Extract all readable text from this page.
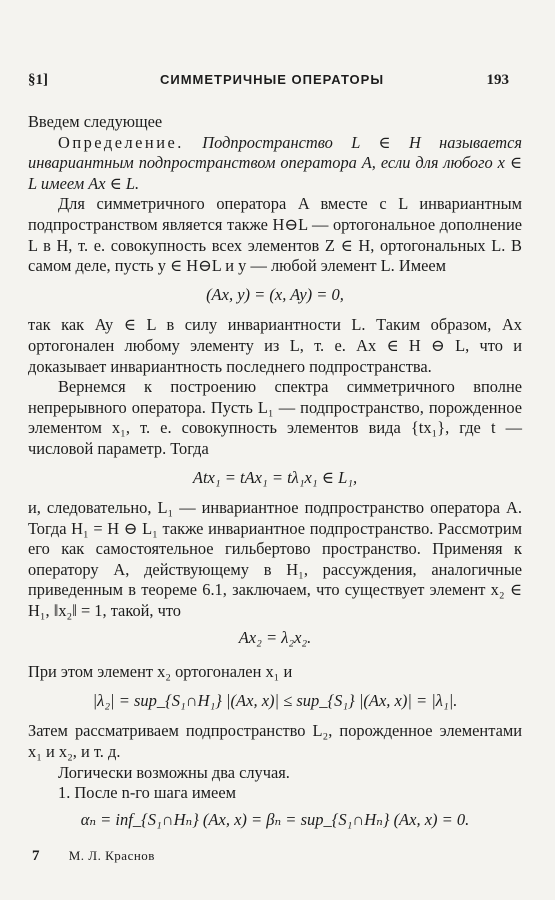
§1]	СИММЕТРИЧНЫЕ ОПЕРАТОРЫ	193

Введем следующее

Определение. Подпространство L ∈ H называется инвариантным подпространством оператора A, если для любого x ∈ L имеем Ax ∈ L.

Для симметричного оператора A вместе с L инвариантным подпространством является также H⊖L — ортогональное дополнение L в H, т. е. совокупность всех элементов Z ∈ H, ортогональных L. В самом деле, пусть y ∈ H⊖L и y — любой элемент L. Имеем

(Ax, y) = (x, Ay) = 0,

так как Ay ∈ L в силу инвариантности L. Таким образом, Ax ортогонален любому элементу из L, т. е. Ax ∈ H ⊖ L, что и доказывает инвариантность последнего подпространства.

Вернемся к построению спектра симметричного вполне непрерывного оператора. Пусть L₁ — подпространство, порожденное элементом x₁, т. е. совокупность элементов вида {tx₁}, где t — числовой параметр. Тогда

Atx₁ = tAx₁ = tλ₁x₁ ∈ L₁,

и, следовательно, L₁ — инвариантное подпространство оператора A. Тогда H₁ = H ⊖ L₁ также инвариантное подпространство. Рассмотрим его как самостоятельное гильбертово пространство. Применяя к оператору A, действующему в H₁, рассуждения, аналогичные приведенным в теореме 6.1, заключаем, что существует элемент x₂ ∈ H₁, ‖x₂‖ = 1, такой, что

Ax₂ = λ₂x₂.

При этом элемент x₂ ортогонален x₁ и

|λ₂| = sup_{S₁∩H₁} |(Ax, x)| ≤ sup_{S₁} |(Ax, x)| = |λ₁|.

Затем рассматриваем подпространство L₂, порожденное элементами x₁ и x₂, и т. д.

Логически возможны два случая.

1. После n-го шага имеем

αₙ = inf_{S₁∩Hₙ} (Ax, x) = βₙ = sup_{S₁∩Hₙ} (Ax, x) = 0.
7 М. Л. Краснов
